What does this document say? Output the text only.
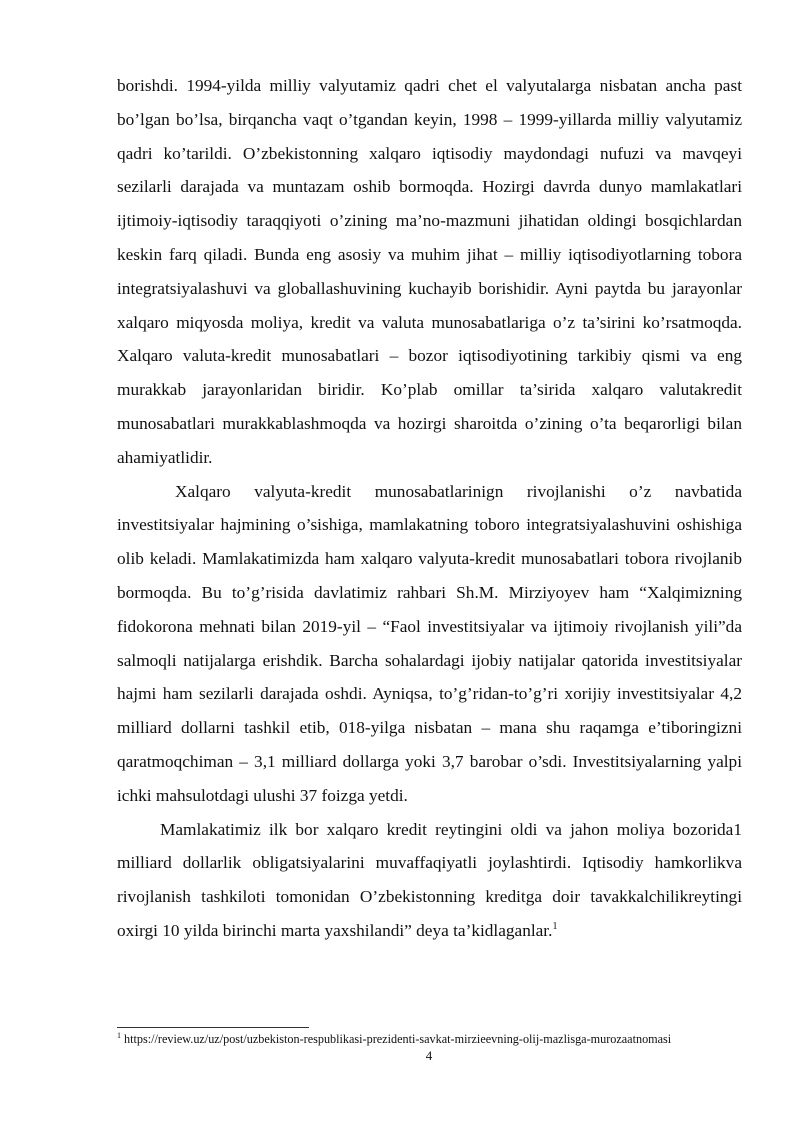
borishdi. 1994-yilda milliy valyutamiz qadri chet el valyutalarga nisbatan ancha past bo’lgan bo’lsa, birqancha vaqt o’tgandan keyin, 1998 – 1999-yillarda milliy valyutamiz qadri ko’tarildi. O’zbekistonning xalqaro iqtisodiy maydondagi nufuzi va mavqeyi sezilarli darajada va muntazam oshib bormoqda. Hozirgi davrda dunyo mamlakatlari ijtimoiy-iqtisodiy taraqqiyoti o’zining ma’no-mazmuni jihatidan oldingi bosqichlardan keskin farq qiladi. Bunda eng asosiy va muhim jihat – milliy iqtisodiyotlarning tobora integratsiyalashuvi va globallashuvining kuchayib borishidir. Ayni paytda bu jarayonlar xalqaro miqyosda moliya, kredit va valuta munosabatlariga o’z ta’sirini ko’rsatmoqda. Xalqaro valuta-kredit munosabatlari – bozor iqtisodiyotining tarkibiy qismi va eng murakkab jarayonlaridan biridir. Ko’plab omillar ta’sirida xalqaro valutakredit munosabatlari murakkablashmoqda va hozirgi sharoitda o’zining o’ta beqarorligi bilan ahamiyatlidir.

Xalqaro valyuta-kredit munosabatlarinign rivojlanishi o’z navbatida investitsiyalar hajmining o’sishiga, mamlakatning toboro integratsiyalashuvini oshishiga olib keladi. Mamlakatimizda ham xalqaro valyuta-kredit munosabatlari tobora rivojlanib bormoqda. Bu to’g’risida davlatimiz rahbari Sh.M. Mirziyoyev ham “Xalqimizning fidokorona mehnati bilan 2019-yil – “Faol investitsiyalar va ijtimoiy rivojlanish yili”da salmoqli natijalarga erishdik. Barcha sohalardagi ijobiy natijalar qatorida investitsiyalar hajmi ham sezilarli darajada oshdi. Ayniqsa, to’g’ridan-to’g’ri xorijiy investitsiyalar 4,2 milliard dollarni tashkil etib, 018-yilga nisbatan – mana shu raqamga e’tiboringizni qaratmoqchiman – 3,1 milliard dollarga yoki 3,7 barobar o’sdi. Investitsiyalarning yalpi ichki mahsulotdagi ulushi 37 foizga yetdi.

Mamlakatimiz ilk bor xalqaro kredit reytingini oldi va jahon moliya bozorida1 milliard dollarlik obligatsiyalarini muvaffaqiyatli joylashtirdi. Iqtisodiy hamkorlikva rivojlanish tashkiloti tomonidan O’zbekistonning kreditga doir tavakkalchilikreytingi oxirgi 10 yilda birinchi marta yaxshilandi” deya ta’kidlaganlar.$^1$

$^1$ https://review.uz/uz/post/uzbekiston-respublikasi-prezidenti-savkat-mirzieevning-olij-mazlisga-murozaatnomasi
4
